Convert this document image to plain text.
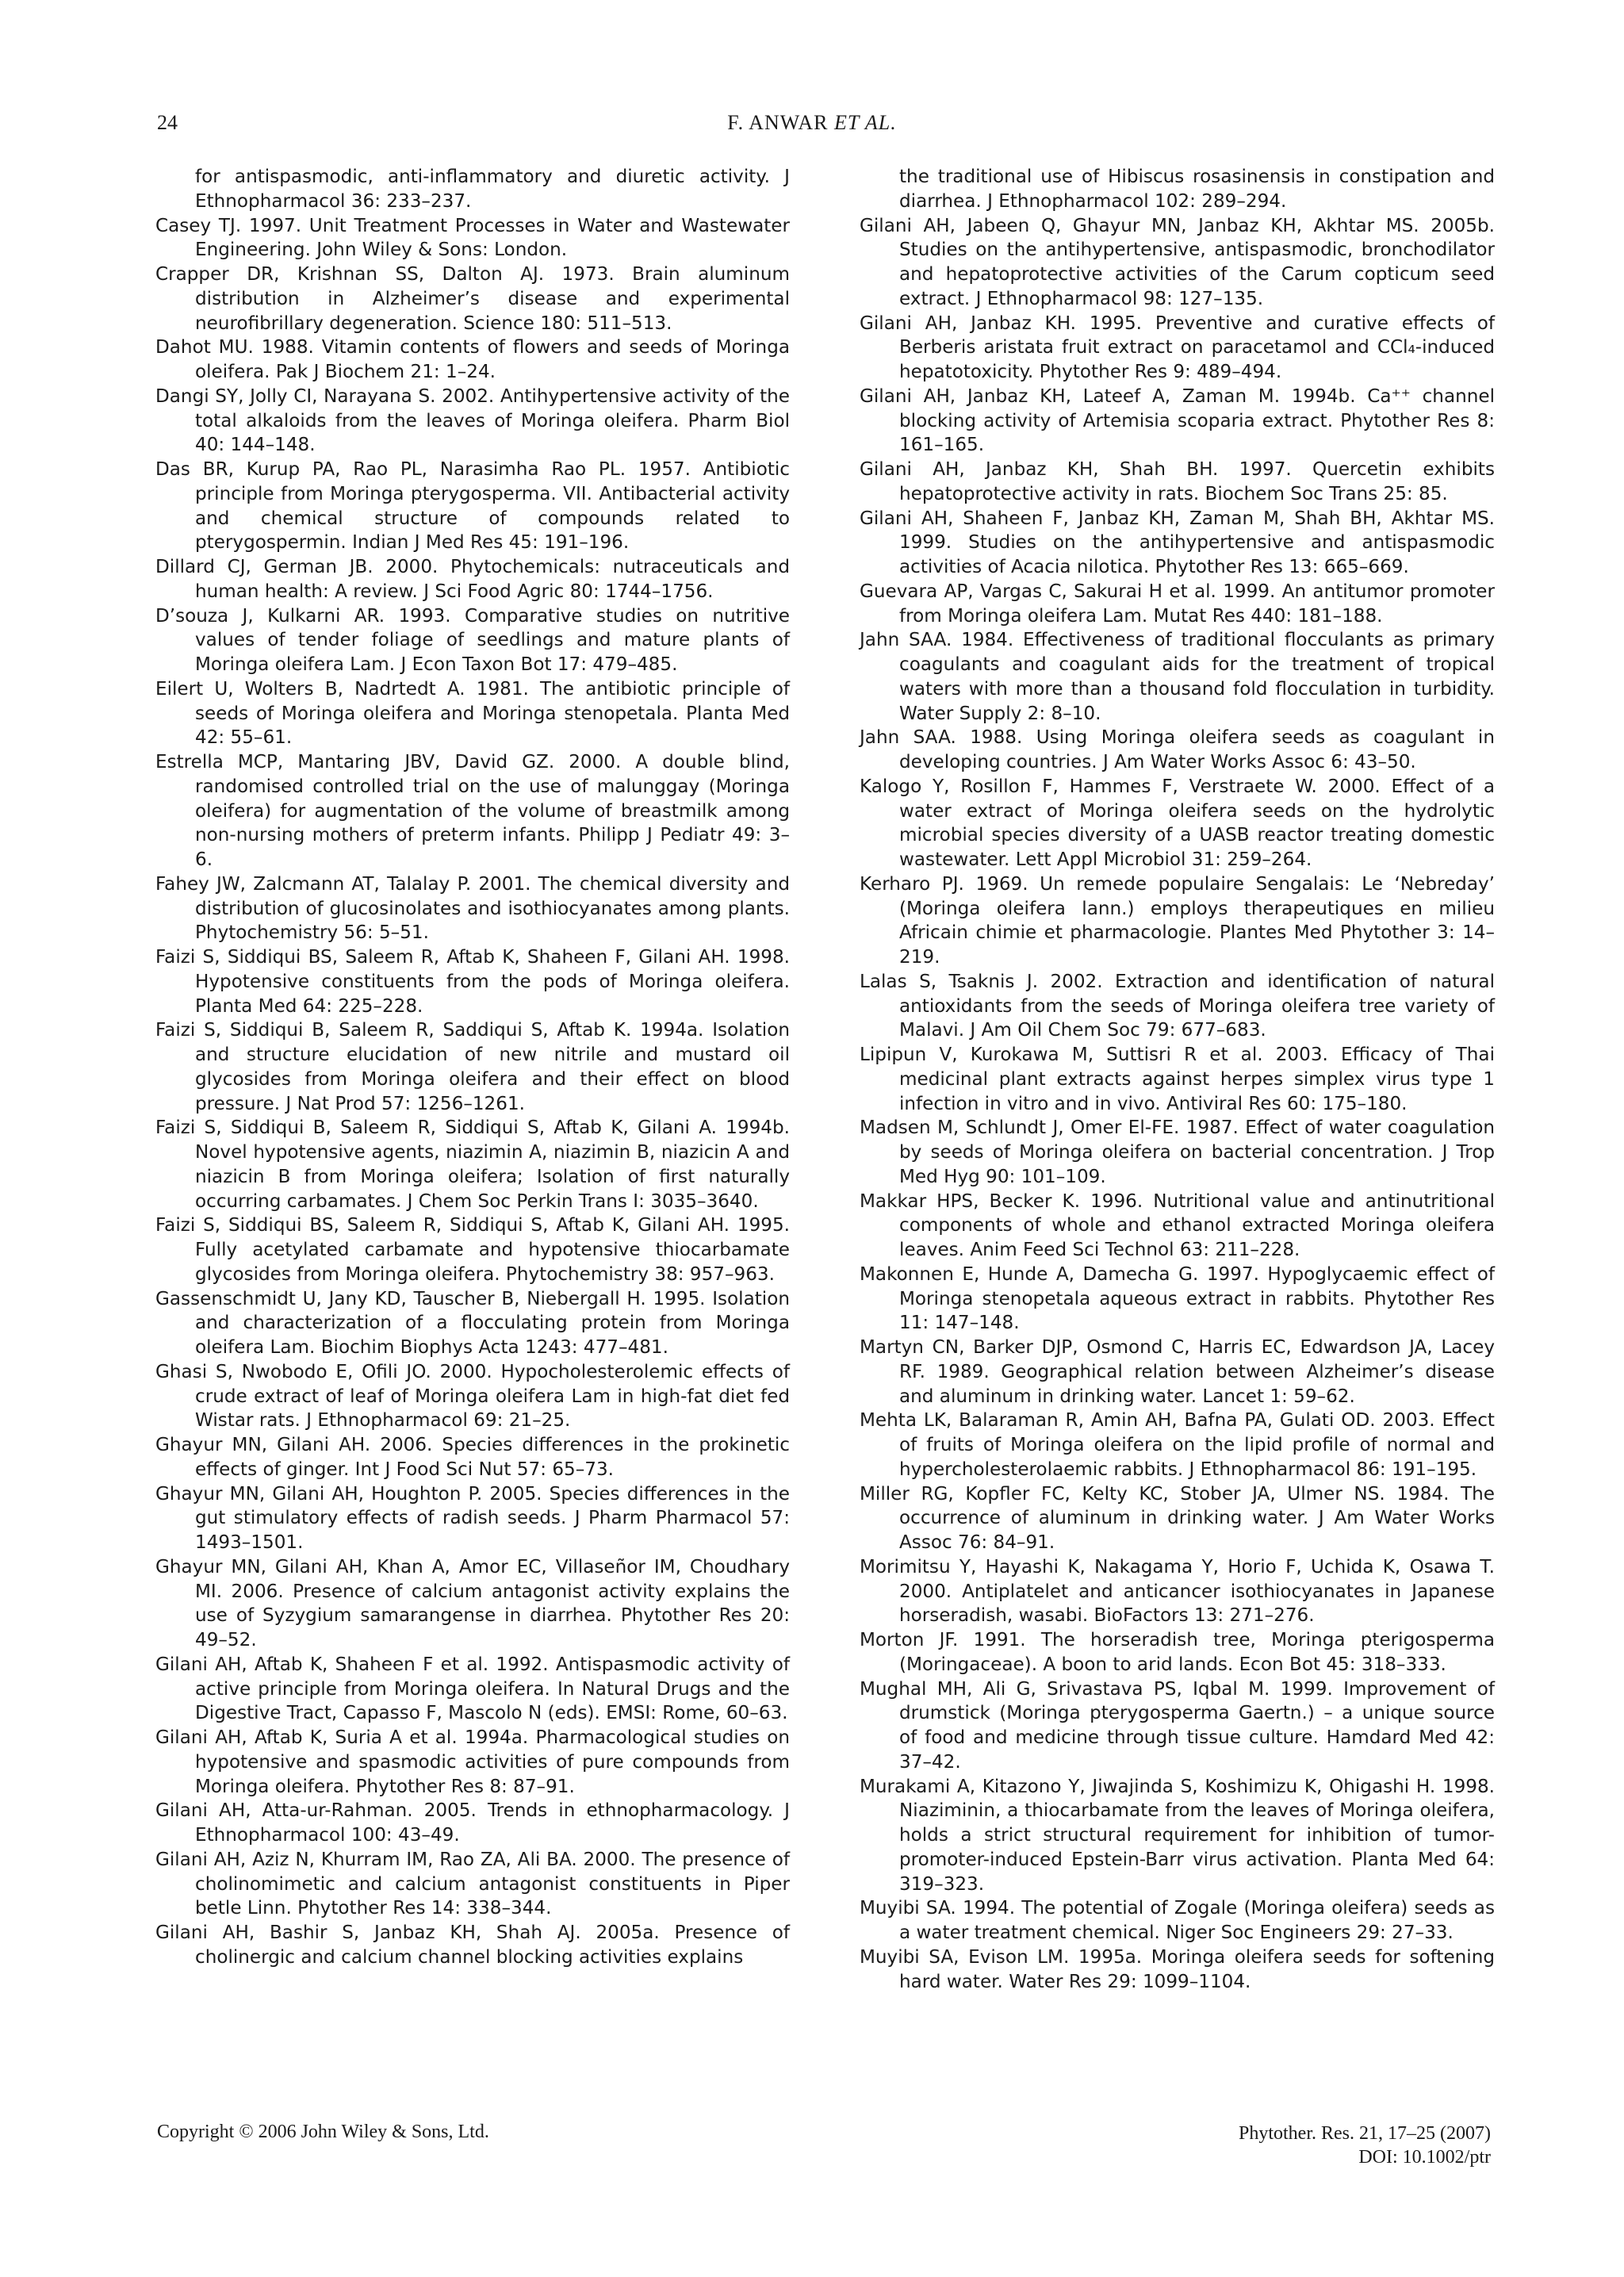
24	F. ANWAR ET AL.
for antispasmodic, anti-inflammatory and diuretic activity. J Ethnopharmacol 36: 233–237.
Casey TJ. 1997. Unit Treatment Processes in Water and Wastewater Engineering. John Wiley & Sons: London.
Crapper DR, Krishnan SS, Dalton AJ. 1973. Brain aluminum distribution in Alzheimer’s disease and experimental neurofibrillary degeneration. Science 180: 511–513.
Dahot MU. 1988. Vitamin contents of flowers and seeds of Moringa oleifera. Pak J Biochem 21: 1–24.
Dangi SY, Jolly CI, Narayana S. 2002. Antihypertensive activity of the total alkaloids from the leaves of Moringa oleifera. Pharm Biol 40: 144–148.
Das BR, Kurup PA, Rao PL, Narasimha Rao PL. 1957. Antibiotic principle from Moringa pterygosperma. VII. Antibacterial activity and chemical structure of compounds related to pterygospermin. Indian J Med Res 45: 191–196.
Dillard CJ, German JB. 2000. Phytochemicals: nutraceuticals and human health: A review. J Sci Food Agric 80: 1744–1756.
D’souza J, Kulkarni AR. 1993. Comparative studies on nutritive values of tender foliage of seedlings and mature plants of Moringa oleifera Lam. J Econ Taxon Bot 17: 479–485.
Eilert U, Wolters B, Nadrtedt A. 1981. The antibiotic principle of seeds of Moringa oleifera and Moringa stenopetala. Planta Med 42: 55–61.
Estrella MCP, Mantaring JBV, David GZ. 2000. A double blind, randomised controlled trial on the use of malunggay (Moringa oleifera) for augmentation of the volume of breastmilk among non-nursing mothers of preterm infants. Philipp J Pediatr 49: 3–6.
Fahey JW, Zalcmann AT, Talalay P. 2001. The chemical diversity and distribution of glucosinolates and isothiocyanates among plants. Phytochemistry 56: 5–51.
Faizi S, Siddiqui BS, Saleem R, Aftab K, Shaheen F, Gilani AH. 1998. Hypotensive constituents from the pods of Moringa oleifera. Planta Med 64: 225–228.
Faizi S, Siddiqui B, Saleem R, Saddiqui S, Aftab K. 1994a. Isolation and structure elucidation of new nitrile and mustard oil glycosides from Moringa oleifera and their effect on blood pressure. J Nat Prod 57: 1256–1261.
Faizi S, Siddiqui B, Saleem R, Siddiqui S, Aftab K, Gilani A. 1994b. Novel hypotensive agents, niazimin A, niazimin B, niazicin A and niazicin B from Moringa oleifera; Isolation of first naturally occurring carbamates. J Chem Soc Perkin Trans I: 3035–3640.
Faizi S, Siddiqui BS, Saleem R, Siddiqui S, Aftab K, Gilani AH. 1995. Fully acetylated carbamate and hypotensive thiocarbamate glycosides from Moringa oleifera. Phytochemistry 38: 957–963.
Gassenschmidt U, Jany KD, Tauscher B, Niebergall H. 1995. Isolation and characterization of a flocculating protein from Moringa oleifera Lam. Biochim Biophys Acta 1243: 477–481.
Ghasi S, Nwobodo E, Ofili JO. 2000. Hypocholesterolemic effects of crude extract of leaf of Moringa oleifera Lam in high-fat diet fed Wistar rats. J Ethnopharmacol 69: 21–25.
Ghayur MN, Gilani AH. 2006. Species differences in the prokinetic effects of ginger. Int J Food Sci Nut 57: 65–73.
Ghayur MN, Gilani AH, Houghton P. 2005. Species differences in the gut stimulatory effects of radish seeds. J Pharm Pharmacol 57: 1493–1501.
Ghayur MN, Gilani AH, Khan A, Amor EC, Villaseñor IM, Choudhary MI. 2006. Presence of calcium antagonist activity explains the use of Syzygium samarangense in diarrhea. Phytother Res 20: 49–52.
Gilani AH, Aftab K, Shaheen F et al. 1992. Antispasmodic activity of active principle from Moringa oleifera. In Natural Drugs and the Digestive Tract, Capasso F, Mascolo N (eds). EMSI: Rome, 60–63.
Gilani AH, Aftab K, Suria A et al. 1994a. Pharmacological studies on hypotensive and spasmodic activities of pure compounds from Moringa oleifera. Phytother Res 8: 87–91.
Gilani AH, Atta-ur-Rahman. 2005. Trends in ethnopharmacology. J Ethnopharmacol 100: 43–49.
Gilani AH, Aziz N, Khurram IM, Rao ZA, Ali BA. 2000. The presence of cholinomimetic and calcium antagonist constituents in Piper betle Linn. Phytother Res 14: 338–344.
Gilani AH, Bashir S, Janbaz KH, Shah AJ. 2005a. Presence of cholinergic and calcium channel blocking activities explains
the traditional use of Hibiscus rosasinensis in constipation and diarrhea. J Ethnopharmacol 102: 289–294.
Gilani AH, Jabeen Q, Ghayur MN, Janbaz KH, Akhtar MS. 2005b. Studies on the antihypertensive, antispasmodic, bronchodilator and hepatoprotective activities of the Carum copticum seed extract. J Ethnopharmacol 98: 127–135.
Gilani AH, Janbaz KH. 1995. Preventive and curative effects of Berberis aristata fruit extract on paracetamol and CCl₄-induced hepatotoxicity. Phytother Res 9: 489–494.
Gilani AH, Janbaz KH, Lateef A, Zaman M. 1994b. Ca⁺⁺ channel blocking activity of Artemisia scoparia extract. Phytother Res 8: 161–165.
Gilani AH, Janbaz KH, Shah BH. 1997. Quercetin exhibits hepatoprotective activity in rats. Biochem Soc Trans 25: 85.
Gilani AH, Shaheen F, Janbaz KH, Zaman M, Shah BH, Akhtar MS. 1999. Studies on the antihypertensive and antispasmodic activities of Acacia nilotica. Phytother Res 13: 665–669.
Guevara AP, Vargas C, Sakurai H et al. 1999. An antitumor promoter from Moringa oleifera Lam. Mutat Res 440: 181–188.
Jahn SAA. 1984. Effectiveness of traditional flocculants as primary coagulants and coagulant aids for the treatment of tropical waters with more than a thousand fold flocculation in turbidity. Water Supply 2: 8–10.
Jahn SAA. 1988. Using Moringa oleifera seeds as coagulant in developing countries. J Am Water Works Assoc 6: 43–50.
Kalogo Y, Rosillon F, Hammes F, Verstraete W. 2000. Effect of a water extract of Moringa oleifera seeds on the hydrolytic microbial species diversity of a UASB reactor treating domestic wastewater. Lett Appl Microbiol 31: 259–264.
Kerharo PJ. 1969. Un remede populaire Sengalais: Le ‘Nebreday’ (Moringa oleifera lann.) employs therapeutiques en milieu Africain chimie et pharmacologie. Plantes Med Phytother 3: 14–219.
Lalas S, Tsaknis J. 2002. Extraction and identification of natural antioxidants from the seeds of Moringa oleifera tree variety of Malavi. J Am Oil Chem Soc 79: 677–683.
Lipipun V, Kurokawa M, Suttisri R et al. 2003. Efficacy of Thai medicinal plant extracts against herpes simplex virus type 1 infection in vitro and in vivo. Antiviral Res 60: 175–180.
Madsen M, Schlundt J, Omer El-FE. 1987. Effect of water coagulation by seeds of Moringa oleifera on bacterial concentration. J Trop Med Hyg 90: 101–109.
Makkar HPS, Becker K. 1996. Nutritional value and antinutritional components of whole and ethanol extracted Moringa oleifera leaves. Anim Feed Sci Technol 63: 211–228.
Makonnen E, Hunde A, Damecha G. 1997. Hypoglycaemic effect of Moringa stenopetala aqueous extract in rabbits. Phytother Res 11: 147–148.
Martyn CN, Barker DJP, Osmond C, Harris EC, Edwardson JA, Lacey RF. 1989. Geographical relation between Alzheimer’s disease and aluminum in drinking water. Lancet 1: 59–62.
Mehta LK, Balaraman R, Amin AH, Bafna PA, Gulati OD. 2003. Effect of fruits of Moringa oleifera on the lipid profile of normal and hypercholesterolaemic rabbits. J Ethnopharmacol 86: 191–195.
Miller RG, Kopfler FC, Kelty KC, Stober JA, Ulmer NS. 1984. The occurrence of aluminum in drinking water. J Am Water Works Assoc 76: 84–91.
Morimitsu Y, Hayashi K, Nakagama Y, Horio F, Uchida K, Osawa T. 2000. Antiplatelet and anticancer isothiocyanates in Japanese horseradish, wasabi. BioFactors 13: 271–276.
Morton JF. 1991. The horseradish tree, Moringa pterigosperma (Moringaceae). A boon to arid lands. Econ Bot 45: 318–333.
Mughal MH, Ali G, Srivastava PS, Iqbal M. 1999. Improvement of drumstick (Moringa pterygosperma Gaertn.) – a unique source of food and medicine through tissue culture. Hamdard Med 42: 37–42.
Murakami A, Kitazono Y, Jiwajinda S, Koshimizu K, Ohigashi H. 1998. Niaziminin, a thiocarbamate from the leaves of Moringa oleifera, holds a strict structural requirement for inhibition of tumor-promoter-induced Epstein-Barr virus activation. Planta Med 64: 319–323.
Muyibi SA. 1994. The potential of Zogale (Moringa oleifera) seeds as a water treatment chemical. Niger Soc Engineers 29: 27–33.
Muyibi SA, Evison LM. 1995a. Moringa oleifera seeds for softening hard water. Water Res 29: 1099–1104.
Copyright © 2006 John Wiley & Sons, Ltd.	Phytother. Res. 21, 17–25 (2007)
DOI: 10.1002/ptr
